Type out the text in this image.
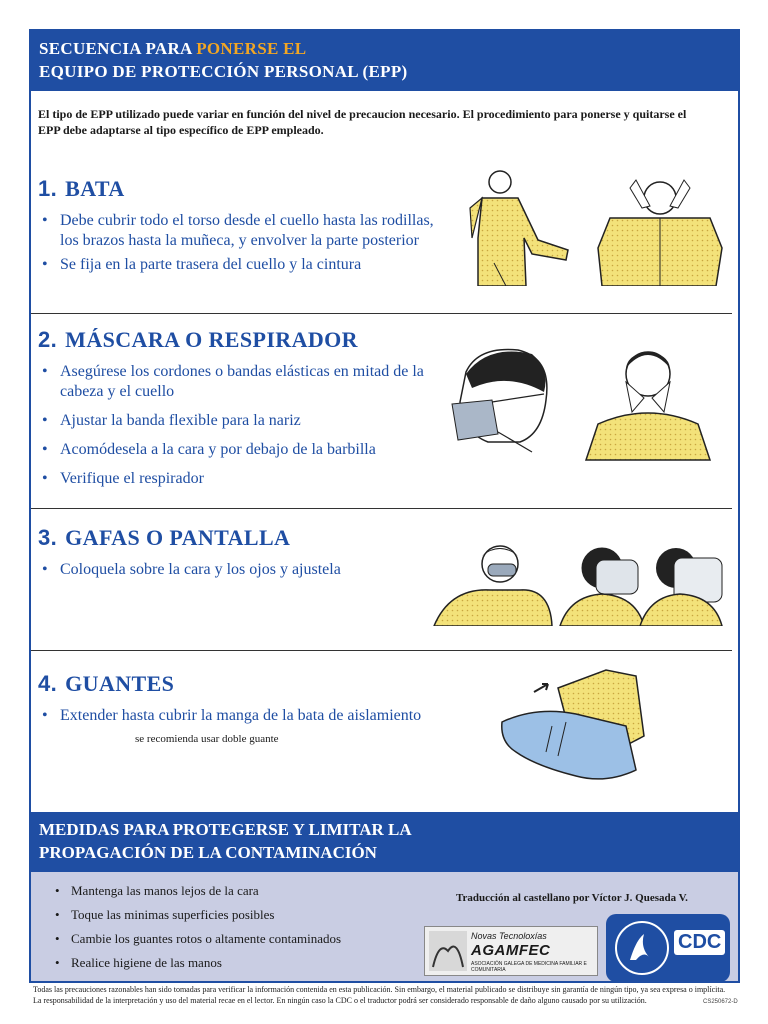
SECUENCIA PARA PONERSE EL
EQUIPO DE PROTECCIÓN PERSONAL (EPP)
El tipo de EPP utilizado puede variar en función del nivel de precaucion necesario. El procedimiento para ponerse y quitarse el EPP debe adaptarse al tipo específico de EPP empleado.
1. BATA
• Debe cubrir todo el torso desde el cuello hasta las rodillas, los brazos hasta la muñeca, y envolver la parte posterior
• Se fija en la parte trasera del cuello y la cintura
2. MÁSCARA O RESPIRADOR
• Asegúrese los cordones o bandas elásticas en mitad de la cabeza y el cuello
• Ajustar la banda flexible para la nariz
• Acomódesela a la cara y por debajo de la barbilla
• Verifique el respirador
3. GAFAS O PANTALLA
• Coloquela sobre la cara y los ojos y ajustela
4. GUANTES
• Extender hasta cubrir la manga de la bata de aislamiento
se recomienda usar doble guante
MEDIDAS PARA PROTEGERSE Y LIMITAR LA
PROPAGACIÓN DE LA CONTAMINACIÓN
• Mantenga las manos lejos de la cara
• Toque las minimas superficies posibles
• Cambie los guantes rotos o altamente contaminados
• Realice higiene de las manos
Traducción al castellano por Víctor J. Quesada V.
Novas Tecnoloxías
AGAMFEC
ASOCIACIÓN GALEGA DE MEDICINA FAMILIAR E COMUNITARIA
CDC
Todas las precauciones razonables han sido tomadas para verificar la información contenida en esta publicación. Sin embargo, el material publicado se distribuye sin garantía de ningún tipo, ya sea expresa o implícita. La responsabilidad de la interpretación y uso del material recae en el lector. En ningún caso la CDC o el traductor podrá ser considerado responsable de daño alguno causado por su utilización.	CS250672-D
